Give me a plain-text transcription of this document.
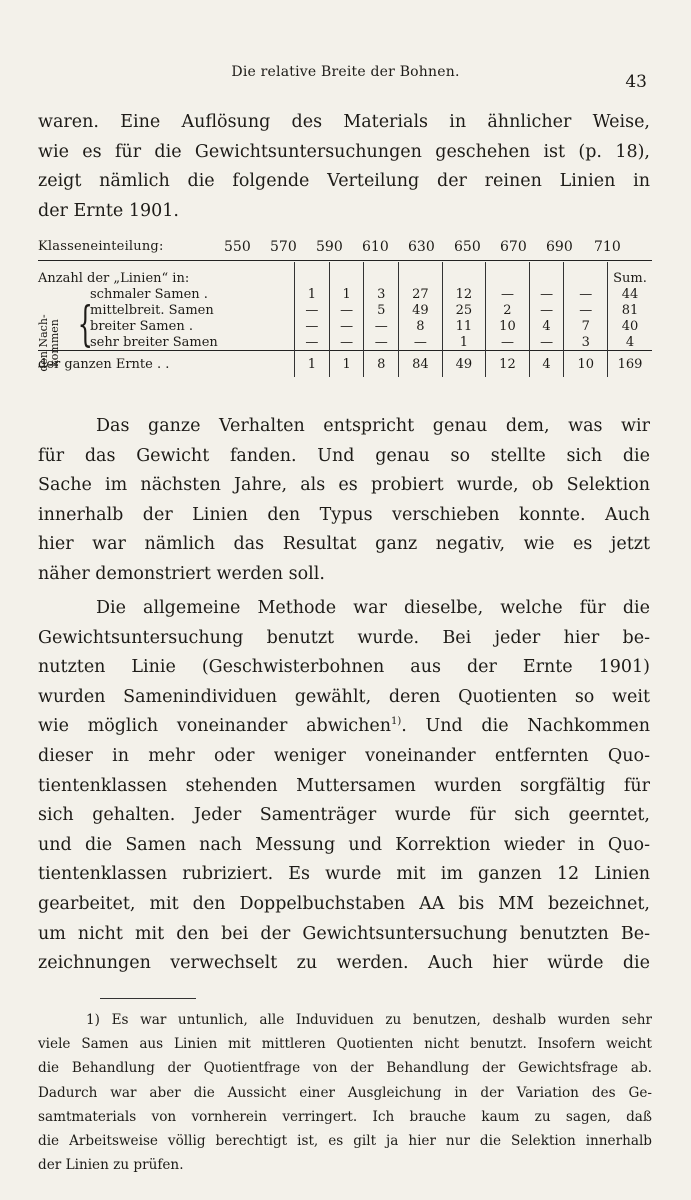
Die relative Breite der Bohnen.	43

waren. Eine Auflösung des Materials in ähnlicher Weise,
wie es für die Gewichtsuntersuchungen geschehen ist (p. 18),
zeigt nämlich die folgende Verteilung der reinen Linien in
der Ernte 1901.

Klasseneinteilung:	550 570 590 610 630 650 670 690 710
Anzahl der „Linien“ in:									Sum.
schmaler Samen .	1	1	3	27	12	—	—	—	44
mittelbreit. Samen	—	—	5	49	25	2	—	—	81
breiter Samen .	—	—	—	8	11	10	4	7	40
sehr breiter Samen	—	—	—	—	1	—	—	3	4
der ganzen Ernte . .	1	1	8	84	49	12	4	10	169
den Nach-kommen {

Das ganze Verhalten entspricht genau dem, was wir
für das Gewicht fanden. Und genau so stellte sich die
Sache im nächsten Jahre, als es probiert wurde, ob Selektion
innerhalb der Linien den Typus verschieben konnte. Auch
hier war nämlich das Resultat ganz negativ, wie es jetzt
näher demonstriert werden soll.

Die allgemeine Methode war dieselbe, welche für die
Gewichtsuntersuchung benutzt wurde. Bei jeder hier be-
nutzten Linie (Geschwisterbohnen aus der Ernte 1901)
wurden Samenindividuen gewählt, deren Quotienten so weit
wie möglich voneinander abwichen$^{1)}$. Und die Nachkommen
dieser in mehr oder weniger voneinander entfernten Quo-
tientenklassen stehenden Muttersamen wurden sorgfältig für
sich gehalten. Jeder Samenträger wurde für sich geerntet,
und die Samen nach Messung und Korrektion wieder in Quo-
tientenklassen rubriziert. Es wurde mit im ganzen 12 Linien
gearbeitet, mit den Doppelbuchstaben AA bis MM bezeichnet,
um nicht mit den bei der Gewichtsuntersuchung benutzten Be-
zeichnungen verwechselt zu werden. Auch hier würde die

1) Es war untunlich, alle Induviduen zu benutzen, deshalb wurden sehr
viele Samen aus Linien mit mittleren Quotienten nicht benutzt. Insofern weicht
die Behandlung der Quotientfrage von der Behandlung der Gewichtsfrage ab.
Dadurch war aber die Aussicht einer Ausgleichung in der Variation des Ge-
samtmaterials von vornherein verringert. Ich brauche kaum zu sagen, daß
die Arbeitsweise völlig berechtigt ist, es gilt ja hier nur die Selektion innerhalb
der Linien zu prüfen.
